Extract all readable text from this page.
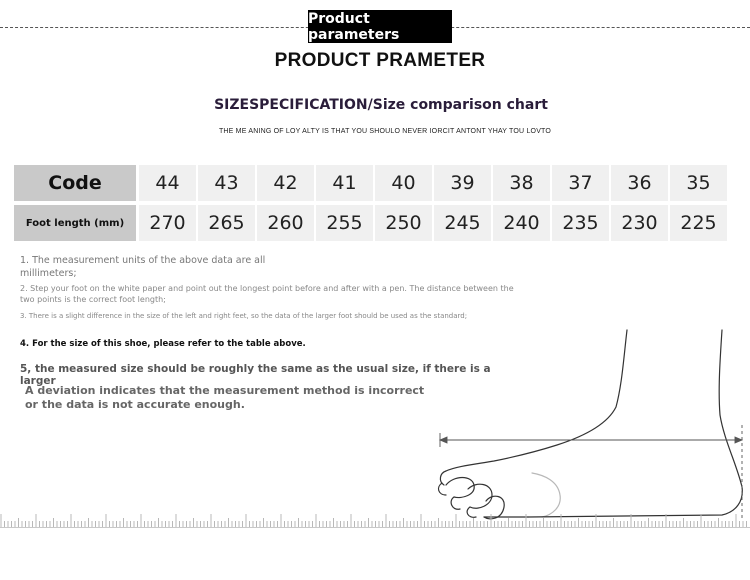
Product parameters
PRODUCT PRAMETER
SIZESPECIFICATION/Size comparison chart
THE ME ANING OF LOY ALTY IS THAT YOU SHOULO NEVER IORCIT ANTONT YHAY TOU LOVTO
Code
Foot length (mm)
44
270
43
265
42
260
41
255
40
250
39
245
38
240
37
235
36
230
35
225
1. The measurement units of the above data are all millimeters;
2. Step your foot on the white paper and point out the longest point before and after with a pen. The distance between the two points is the correct foot length;
3. There is a slight difference in the size of the left and right feet, so the data of the larger foot should be used as the standard;
4. For the size of this shoe, please refer to the table above.
5, the measured size should be roughly the same as the usual size, if there is a larger
A deviation indicates that the measurement method is incorrect or the data is not accurate enough.
